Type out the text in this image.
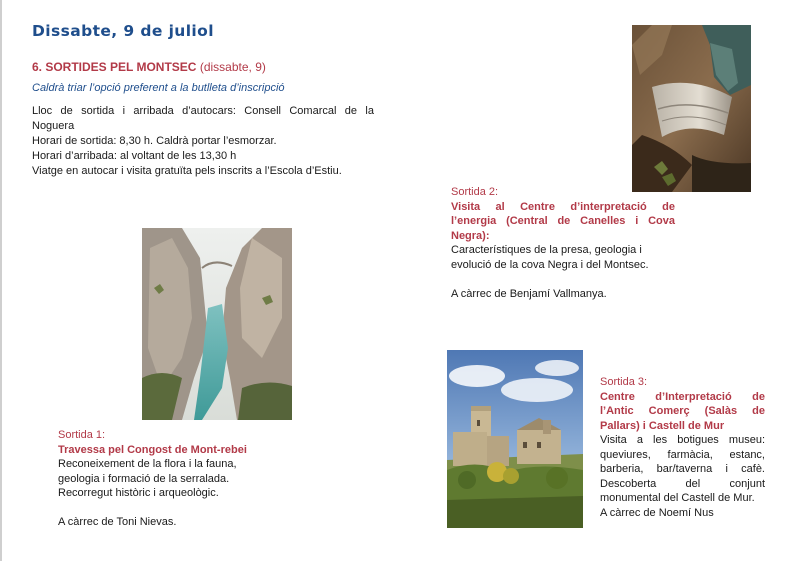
Dissabte, 9 de juliol
6. SORTIDES PEL MONTSEC (dissabte, 9)
Caldrà triar l’opció preferent a la butlleta d’inscripció
Lloc de sortida i arribada d’autocars: Consell Comarcal de la
Noguera
Horari de sortida: 8,30 h. Caldrà portar l’esmorzar.
Horari d’arribada: al voltant de les 13,30 h
Viatge en autocar i visita gratuïta pels inscrits a l’Escola d’Estiu.
Sortida 2:
Visita al Centre d’interpretació de
l’energia (Central de Canelles i Cova
Negra):
Característiques de la presa, geologia i
evolució de la cova Negra i del Montsec.
A càrrec de Benjamí Vallmanya.
Sortida 1:
Travessa pel Congost de Mont-rebei
Reconeixement de la flora i la fauna,
geologia i formació de la serralada.
Recorregut històric i arqueològic.
A càrrec de Toni Nievas.
Sortida 3:
Centre d’Interpretació de
l’Antic Comerç (Salàs de
Pallars) i Castell de Mur
Visita a les botigues museu:
queviures, farmàcia, estanc,
barberia, bar/taverna i cafè.
Descoberta del conjunt
monumental del Castell de Mur.
A càrrec de Noemí Nus
